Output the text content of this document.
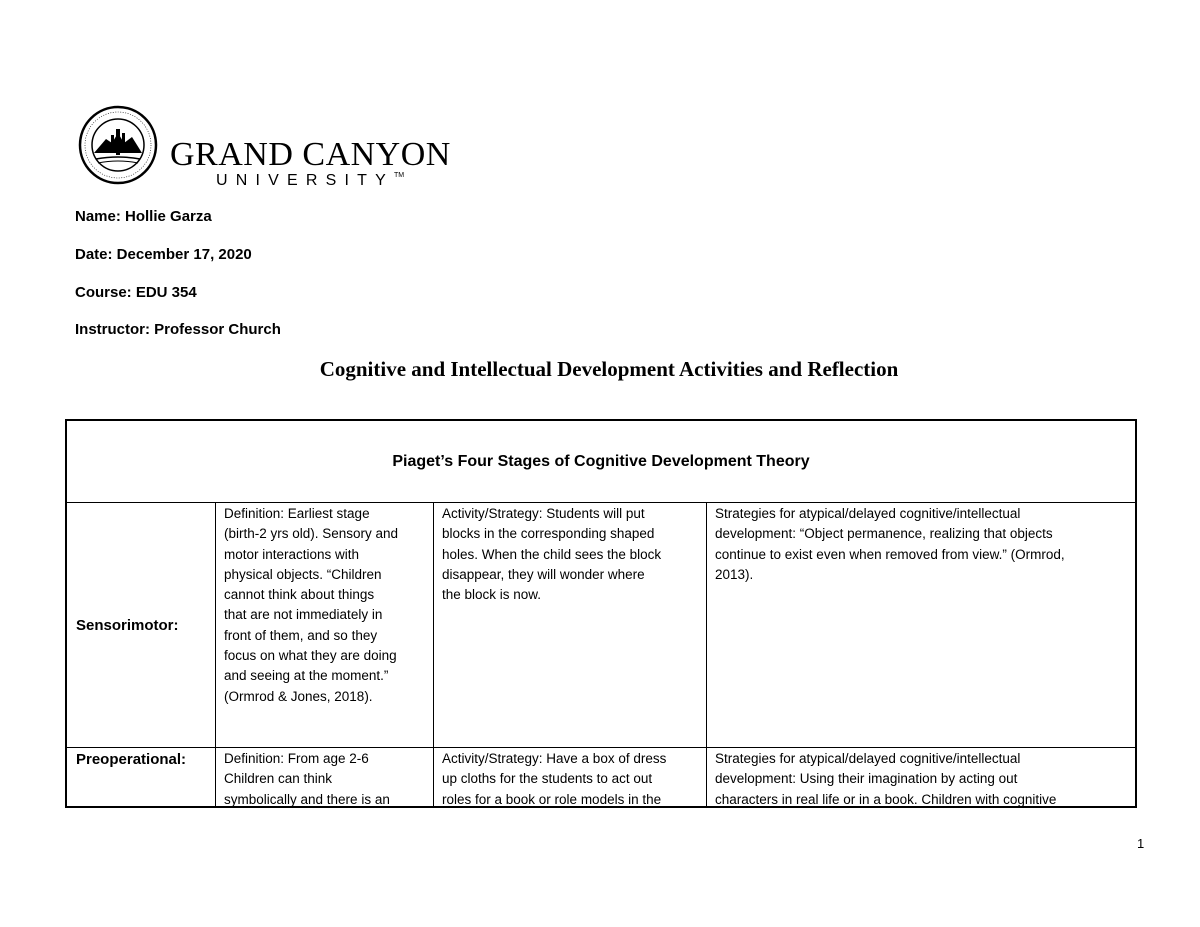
GRAND CANYON
UNIVERSITY™
Name: Hollie Garza
Date: December 17, 2020
Course: EDU 354
Instructor: Professor Church
Cognitive and Intellectual Development Activities and Reflection
Piaget’s Four Stages of Cognitive Development Theory
Sensorimotor:
Definition: Earliest stage
(birth-2 yrs old). Sensory and
motor interactions with
physical objects. “Children
cannot think about things
that are not immediately in
front of them, and so they
focus on what they are doing
and seeing at the moment.”
(Ormrod & Jones, 2018).
Activity/Strategy: Students will put
blocks in the corresponding shaped
holes. When the child sees the block
disappear, they will wonder where
the block is now.
Strategies for atypical/delayed cognitive/intellectual
development: “Object permanence, realizing that objects
continue to exist even when removed from view.” (Ormrod,
2013).
Preoperational:	Definition: From age 2-6
Children can think
symbolically and there is an
Activity/Strategy: Have a box of dress
up cloths for the students to act out
roles for a book or role models in the
Strategies for atypical/delayed cognitive/intellectual
development: Using their imagination by acting out
characters in real life or in a book. Children with cognitive
1
